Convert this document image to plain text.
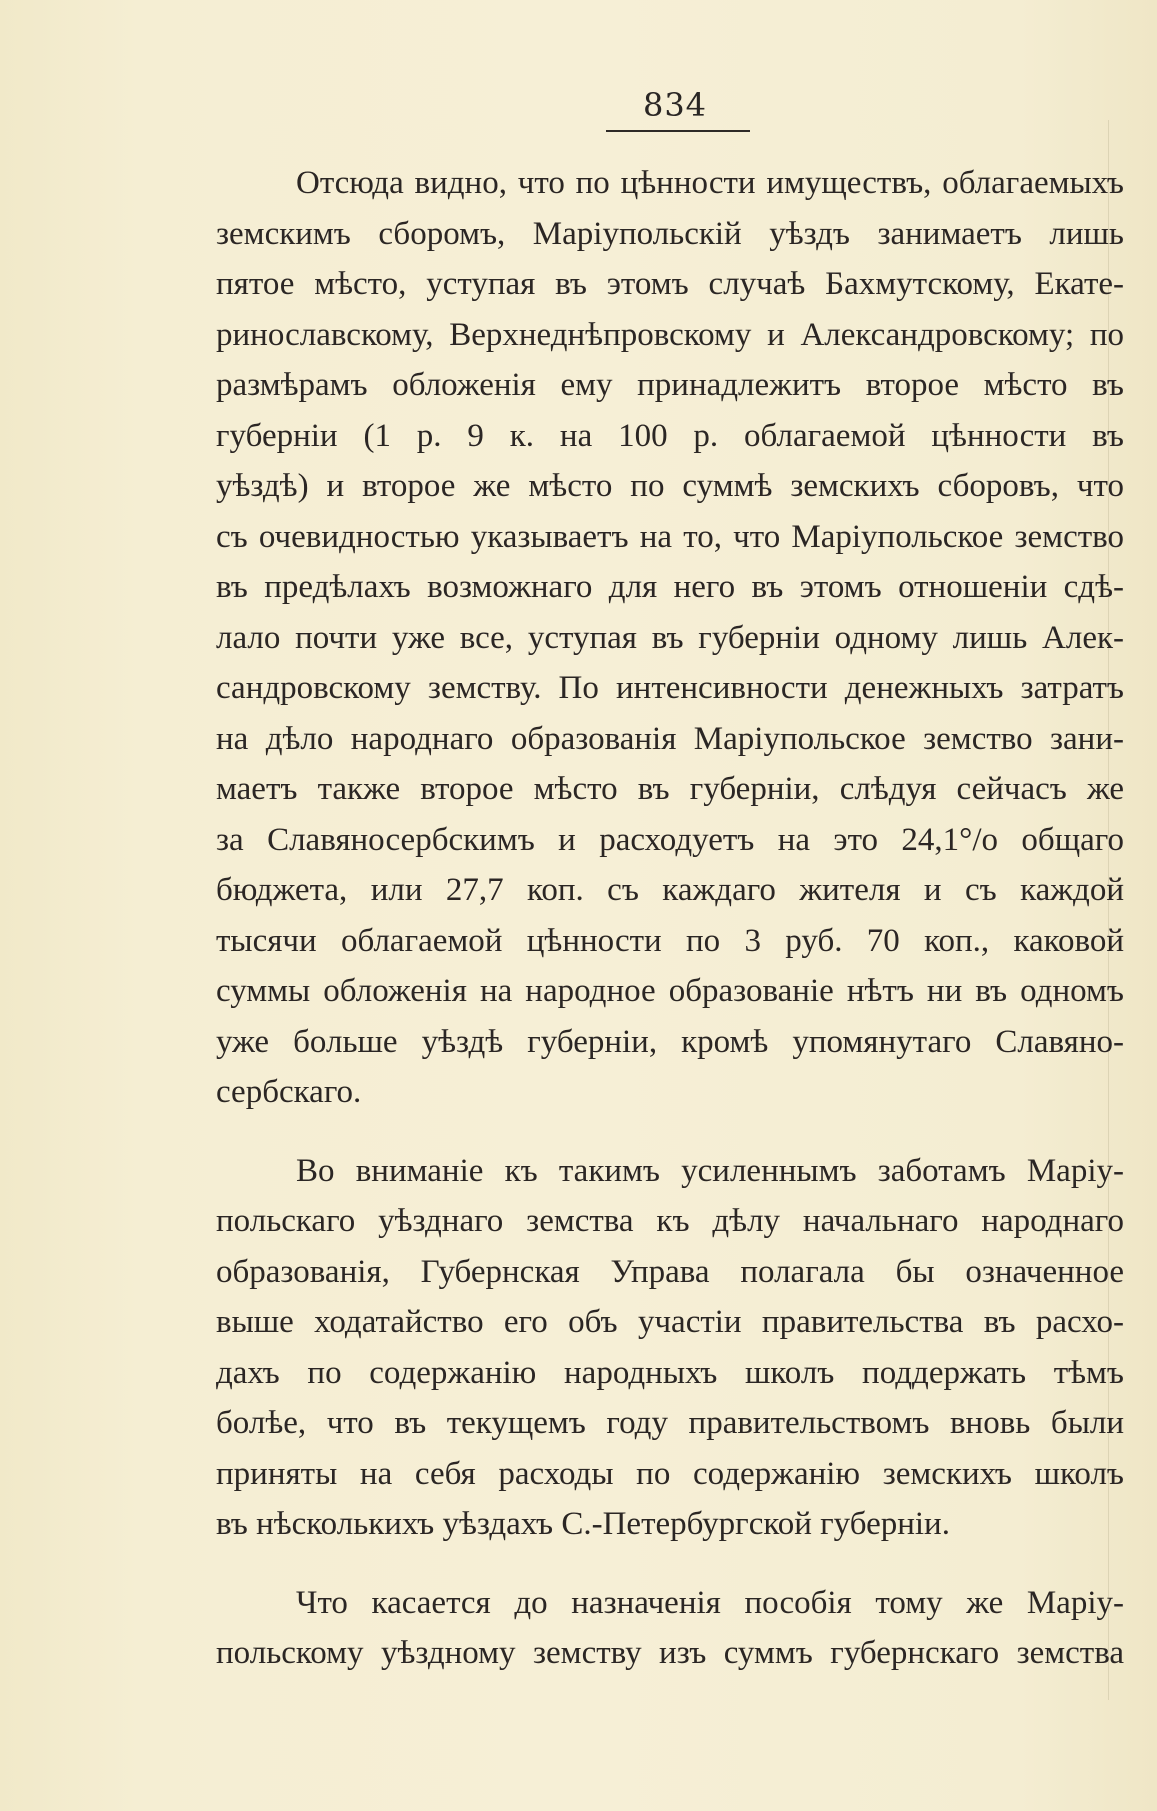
834
Отсюда видно, что по цѣнности имуществъ, облагаемыхъ
земскимъ сборомъ, Маріупольскій уѣздъ занимаетъ лишь
пятое мѣсто, уступая въ этомъ случаѣ Бахмутскому, Екате-
ринославскому, Верхнеднѣпровскому и Александровскому; по
размѣрамъ обложенія ему принадлежитъ второе мѣсто въ
губерніи (1 р. 9 к. на 100 р. облагаемой цѣнности въ
уѣздѣ) и второе же мѣсто по суммѣ земскихъ сборовъ, что
съ очевидностью указываетъ на то, что Маріупольское земство
въ предѣлахъ возможнаго для него въ этомъ отношеніи сдѣ-
лало почти уже все, уступая въ губерніи одному лишь Алек-
сандровскому земству. По интенсивности денежныхъ затратъ
на дѣло народнаго образованія Маріупольское земство зани-
маетъ также второе мѣсто въ губерніи, слѣдуя сейчасъ же
за Славяносербскимъ и расходуетъ на это 24,1°/о общаго
бюджета, или 27,7 коп. съ каждаго жителя и съ каждой
тысячи облагаемой цѣнности по 3 руб. 70 коп., каковой
суммы обложенія на народное образованіе нѣтъ ни въ одномъ
уже больше уѣздѣ губерніи, кромѣ упомянутаго Славяно-
сербскаго.
Во вниманіе къ такимъ усиленнымъ заботамъ Маріу-
польскаго уѣзднаго земства къ дѣлу начальнаго народнаго
образованія, Губернская Управа полагала бы означенное
выше ходатайство его объ участіи правительства въ расхо-
дахъ по содержанію народныхъ школъ поддержать тѣмъ
болѣе, что въ текущемъ году правительствомъ вновь были
приняты на себя расходы по содержанію земскихъ школъ
въ нѣсколькихъ уѣздахъ С.-Петербургской губерніи.
Что касается до назначенія пособія тому же Маріу-
польскому уѣздному земству изъ суммъ губернскаго земства
